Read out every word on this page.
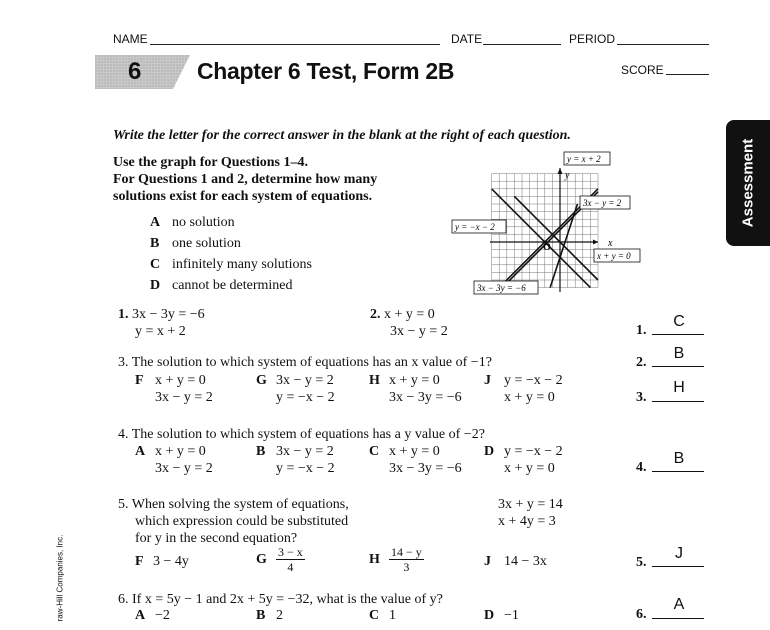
NAME	DATE	PERIOD
6 Chapter 6 Test, Form 2B	SCORE
Assessment
raw-Hill Companies, Inc.
Write the letter for the correct answer in the blank at the right of each question.
Use the graph for Questions 1–4.
For Questions 1 and 2, determine how many
solutions exist for each system of equations.
A no solution
B one solution
C infinitely many solutions
D cannot be determined
y
x
O
y = x + 2
3x − y = 2
y = −x − 2
x + y = 0
3x − 3y = −6
1. 3x − 3y = −6
y = x + 2
2. x + y = 0
3x − y = 2
3. The solution to which system of equations has an x value of −1?
F x + y = 0
3x − y = 2
G 3x − y = 2
y = −x − 2
H x + y = 0
3x − 3y = −6
J y = −x − 2
x + y = 0
4. The solution to which system of equations has a y value of −2?
A x + y = 0
3x − y = 2
B 3x − y = 2
y = −x − 2
C x + y = 0
3x − 3y = −6
D y = −x − 2
x + y = 0
5. When solving the system of equations,
which expression could be substituted
for y in the second equation?
3x + y = 14
x + 4y = 3
F 3 − 4y	G $\frac{3 - x}{4}$	H $\frac{14 - y}{3}$	J 14 − 3x
6. If x = 5y − 1 and 2x + 5y = −32, what is the value of y?
A −2	B 2	C 1	D −1
1.
C
2.
B
3.
H
4.
B
5.
J
6.
A
